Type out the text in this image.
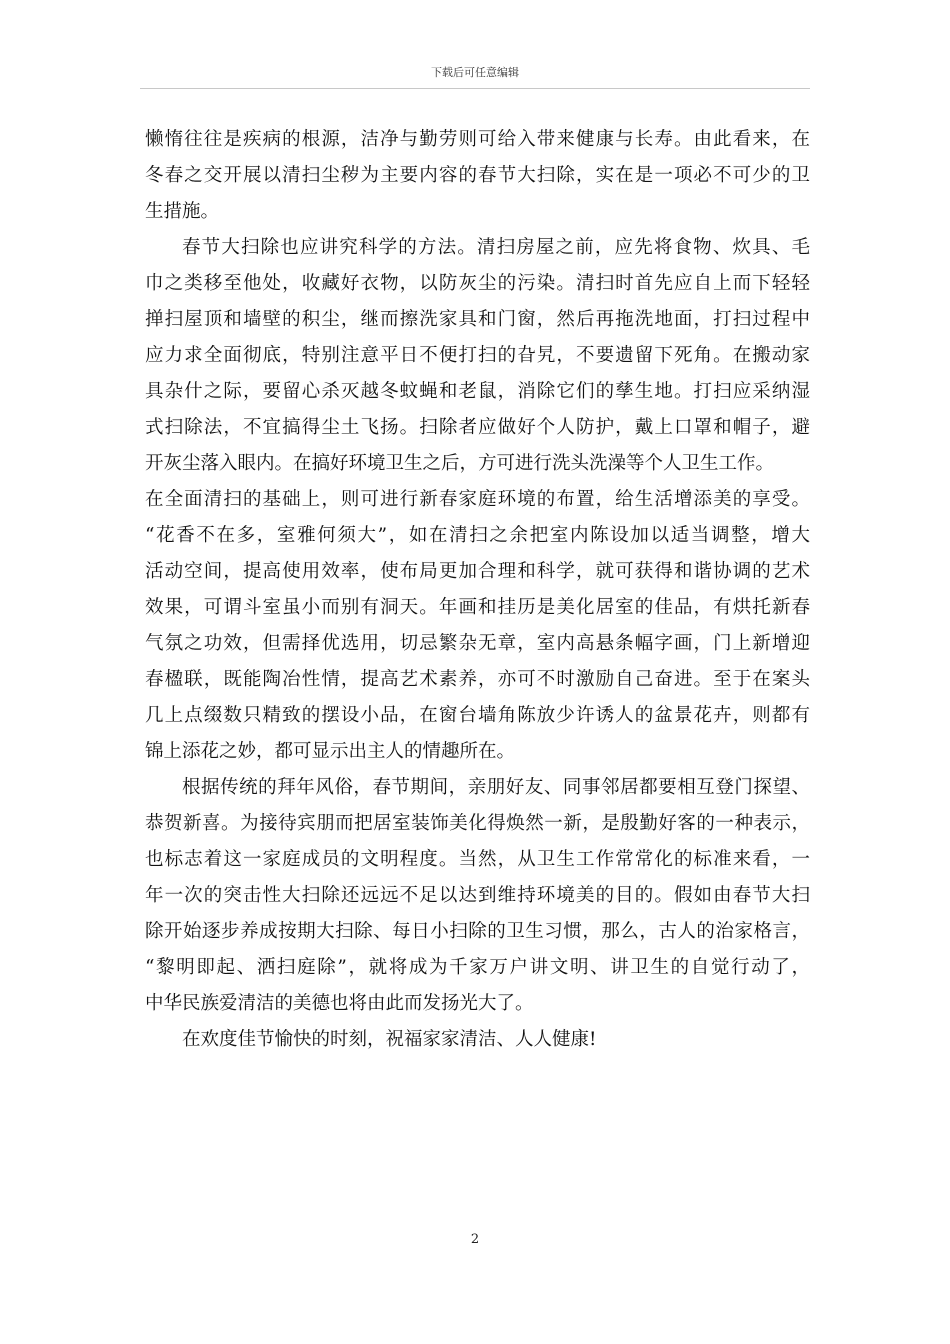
下载后可任意编辑
懒惰往往是疾病的根源，洁净与勤劳则可给入带来健康与长寿。由此看来，在
冬春之交开展以清扫尘秽为主要内容的春节大扫除，实在是一项必不可少的卫
生措施。
春节大扫除也应讲究科学的方法。清扫房屋之前，应先将食物、炊具、毛
巾之类移至他处，收藏好衣物，以防灰尘的污染。清扫时首先应自上而下轻轻
掸扫屋顶和墙壁的积尘，继而擦洗家具和门窗，然后再拖洗地面，打扫过程中
应力求全面彻底，特别注意平日不便打扫的旮旯，不要遗留下死角。在搬动家
具杂什之际，要留心杀灭越冬蚊蝇和老鼠，消除它们的孳生地。打扫应采纳湿
式扫除法，不宜搞得尘土飞扬。扫除者应做好个人防护，戴上口罩和帽子，避
开灰尘落入眼内。在搞好环境卫生之后，方可进行洗头洗澡等个人卫生工作。
在全面清扫的基础上，则可进行新春家庭环境的布置，给生活增添美的享受。
“花香不在多，室雅何须大”，如在清扫之余把室内陈设加以适当调整，增大
活动空间，提高使用效率，使布局更加合理和科学，就可获得和谐协调的艺术
效果，可谓斗室虽小而别有洞天。年画和挂历是美化居室的佳品，有烘托新春
气氛之功效，但需择优选用，切忌繁杂无章，室内高悬条幅字画，门上新增迎
春楹联，既能陶冶性情，提高艺术素养，亦可不时激励自己奋进。至于在案头
几上点缀数只精致的摆设小品，在窗台墙角陈放少许诱人的盆景花卉，则都有
锦上添花之妙，都可显示出主人的情趣所在。
根据传统的拜年风俗，春节期间，亲朋好友、同事邻居都要相互登门探望、
恭贺新喜。为接待宾朋而把居室装饰美化得焕然一新，是殷勤好客的一种表示，
也标志着这一家庭成员的文明程度。当然，从卫生工作常常化的标准来看，一
年一次的突击性大扫除还远远不足以达到维持环境美的目的。假如由春节大扫
除开始逐步养成按期大扫除、每日小扫除的卫生习惯，那么，古人的治家格言，
“黎明即起、洒扫庭除”，就将成为千家万户讲文明、讲卫生的自觉行动了，
中华民族爱清洁的美德也将由此而发扬光大了。
在欢度佳节愉快的时刻，祝福家家清洁、人人健康!
2
